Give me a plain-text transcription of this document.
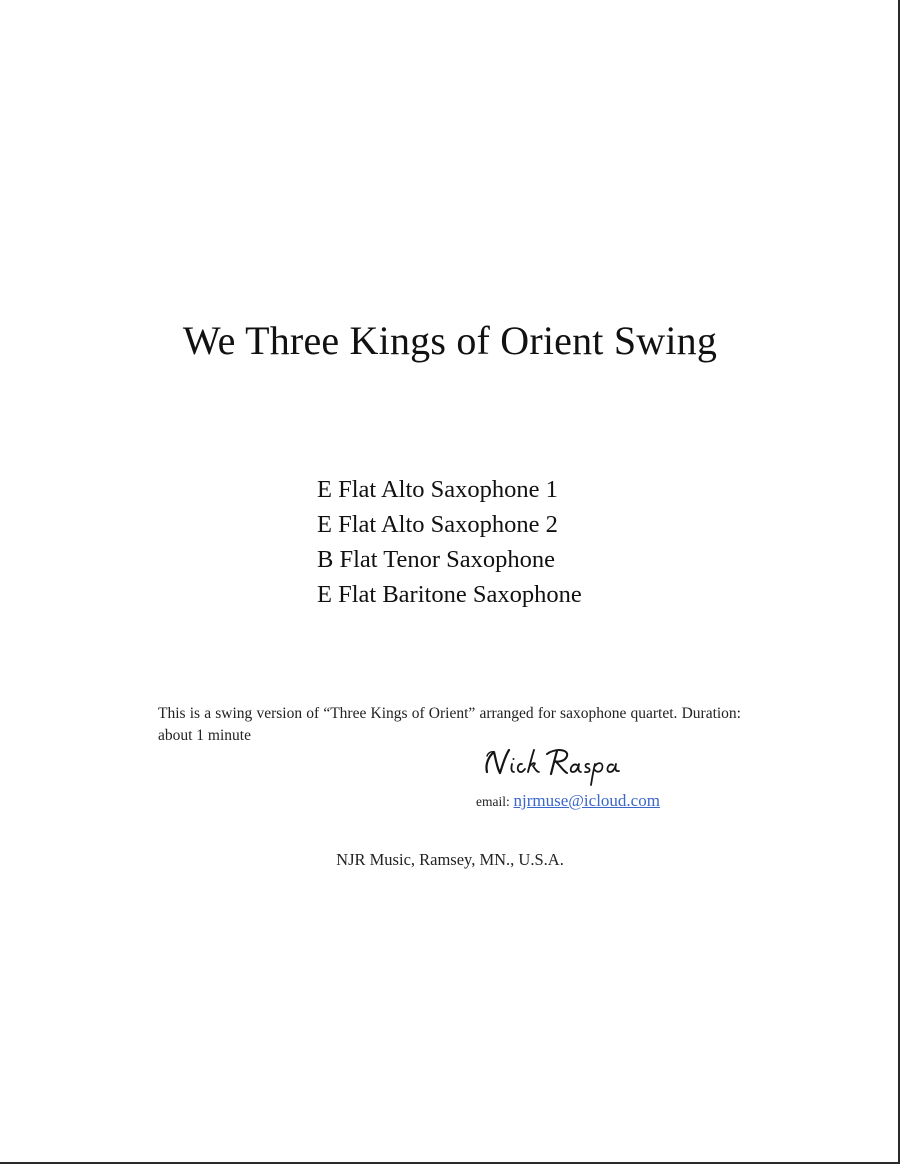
We Three Kings of Orient Swing
E Flat Alto Saxophone 1
E Flat Alto Saxophone 2
B Flat Tenor Saxophone
E Flat Baritone Saxophone

This is a swing version of “Three Kings of Orient” arranged for saxophone quartet. Duration: about 1 minute

email: njrmuse@icloud.com
NJR Music, Ramsey, MN., U.S.A.
